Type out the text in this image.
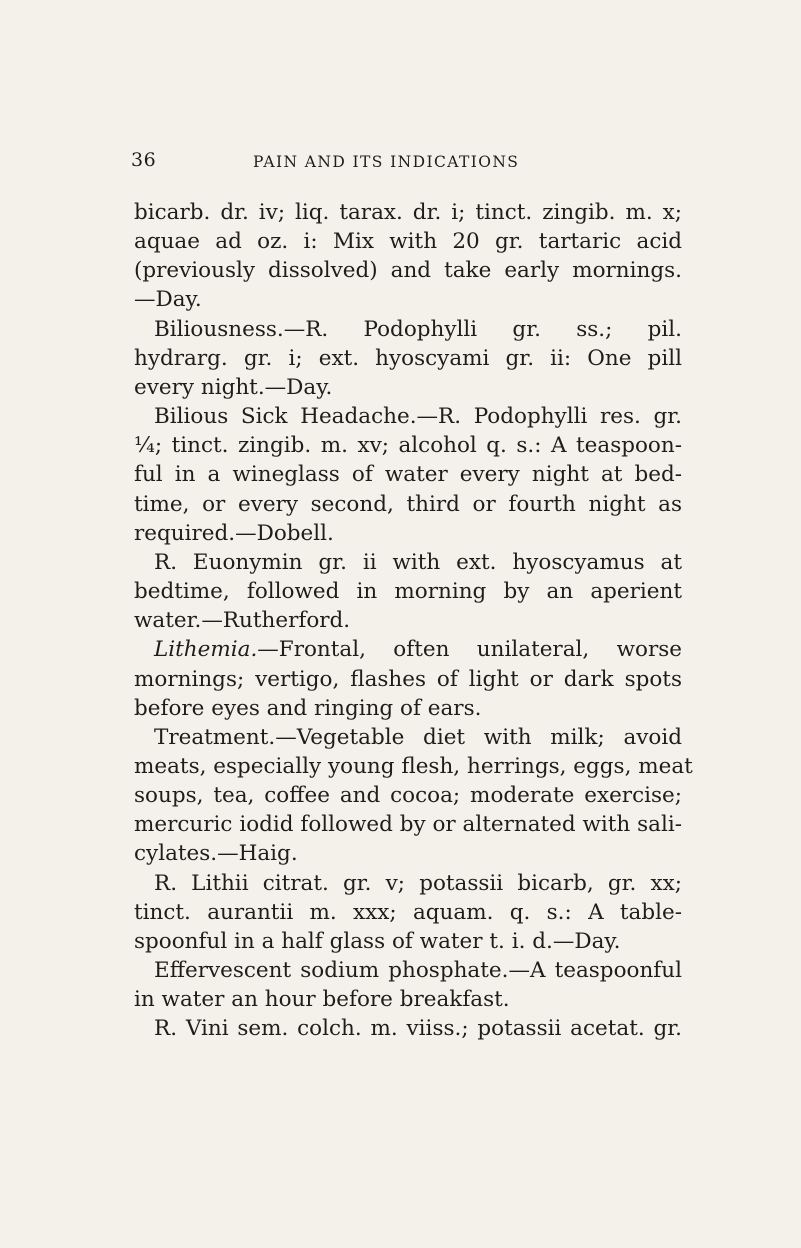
36	PAIN AND ITS INDICATIONS
bicarb. dr. iv; liq. tarax. dr. i; tinct. zingib. m. x;
aquae ad oz. i: Mix with 20 gr. tartaric acid
(previously dissolved) and take early mornings.
—Day.
Biliousness.—R. Podophylli gr. ss.; pil.
hydrarg. gr. i; ext. hyoscyami gr. ii: One pill
every night.—Day.
Bilious Sick Headache.—R. Podophylli res. gr.
¼; tinct. zingib. m. xv; alcohol q. s.: A teaspoon-
ful in a wineglass of water every night at bed-
time, or every second, third or fourth night as
required.—Dobell.
R. Euonymin gr. ii with ext. hyoscyamus at
bedtime, followed in morning by an aperient
water.—Rutherford.
Lithemia.—Frontal, often unilateral, worse
mornings; vertigo, flashes of light or dark spots
before eyes and ringing of ears.
Treatment.—Vegetable diet with milk; avoid
meats, especially young flesh, herrings, eggs, meat
soups, tea, coffee and cocoa; moderate exercise;
mercuric iodid followed by or alternated with sali-
cylates.—Haig.
R. Lithii citrat. gr. v; potassii bicarb, gr. xx;
tinct. aurantii m. xxx; aquam. q. s.: A table-
spoonful in a half glass of water t. i. d.—Day.
Effervescent sodium phosphate.—A teaspoonful
in water an hour before breakfast.
R. Vini sem. colch. m. viiss.; potassii acetat. gr.
